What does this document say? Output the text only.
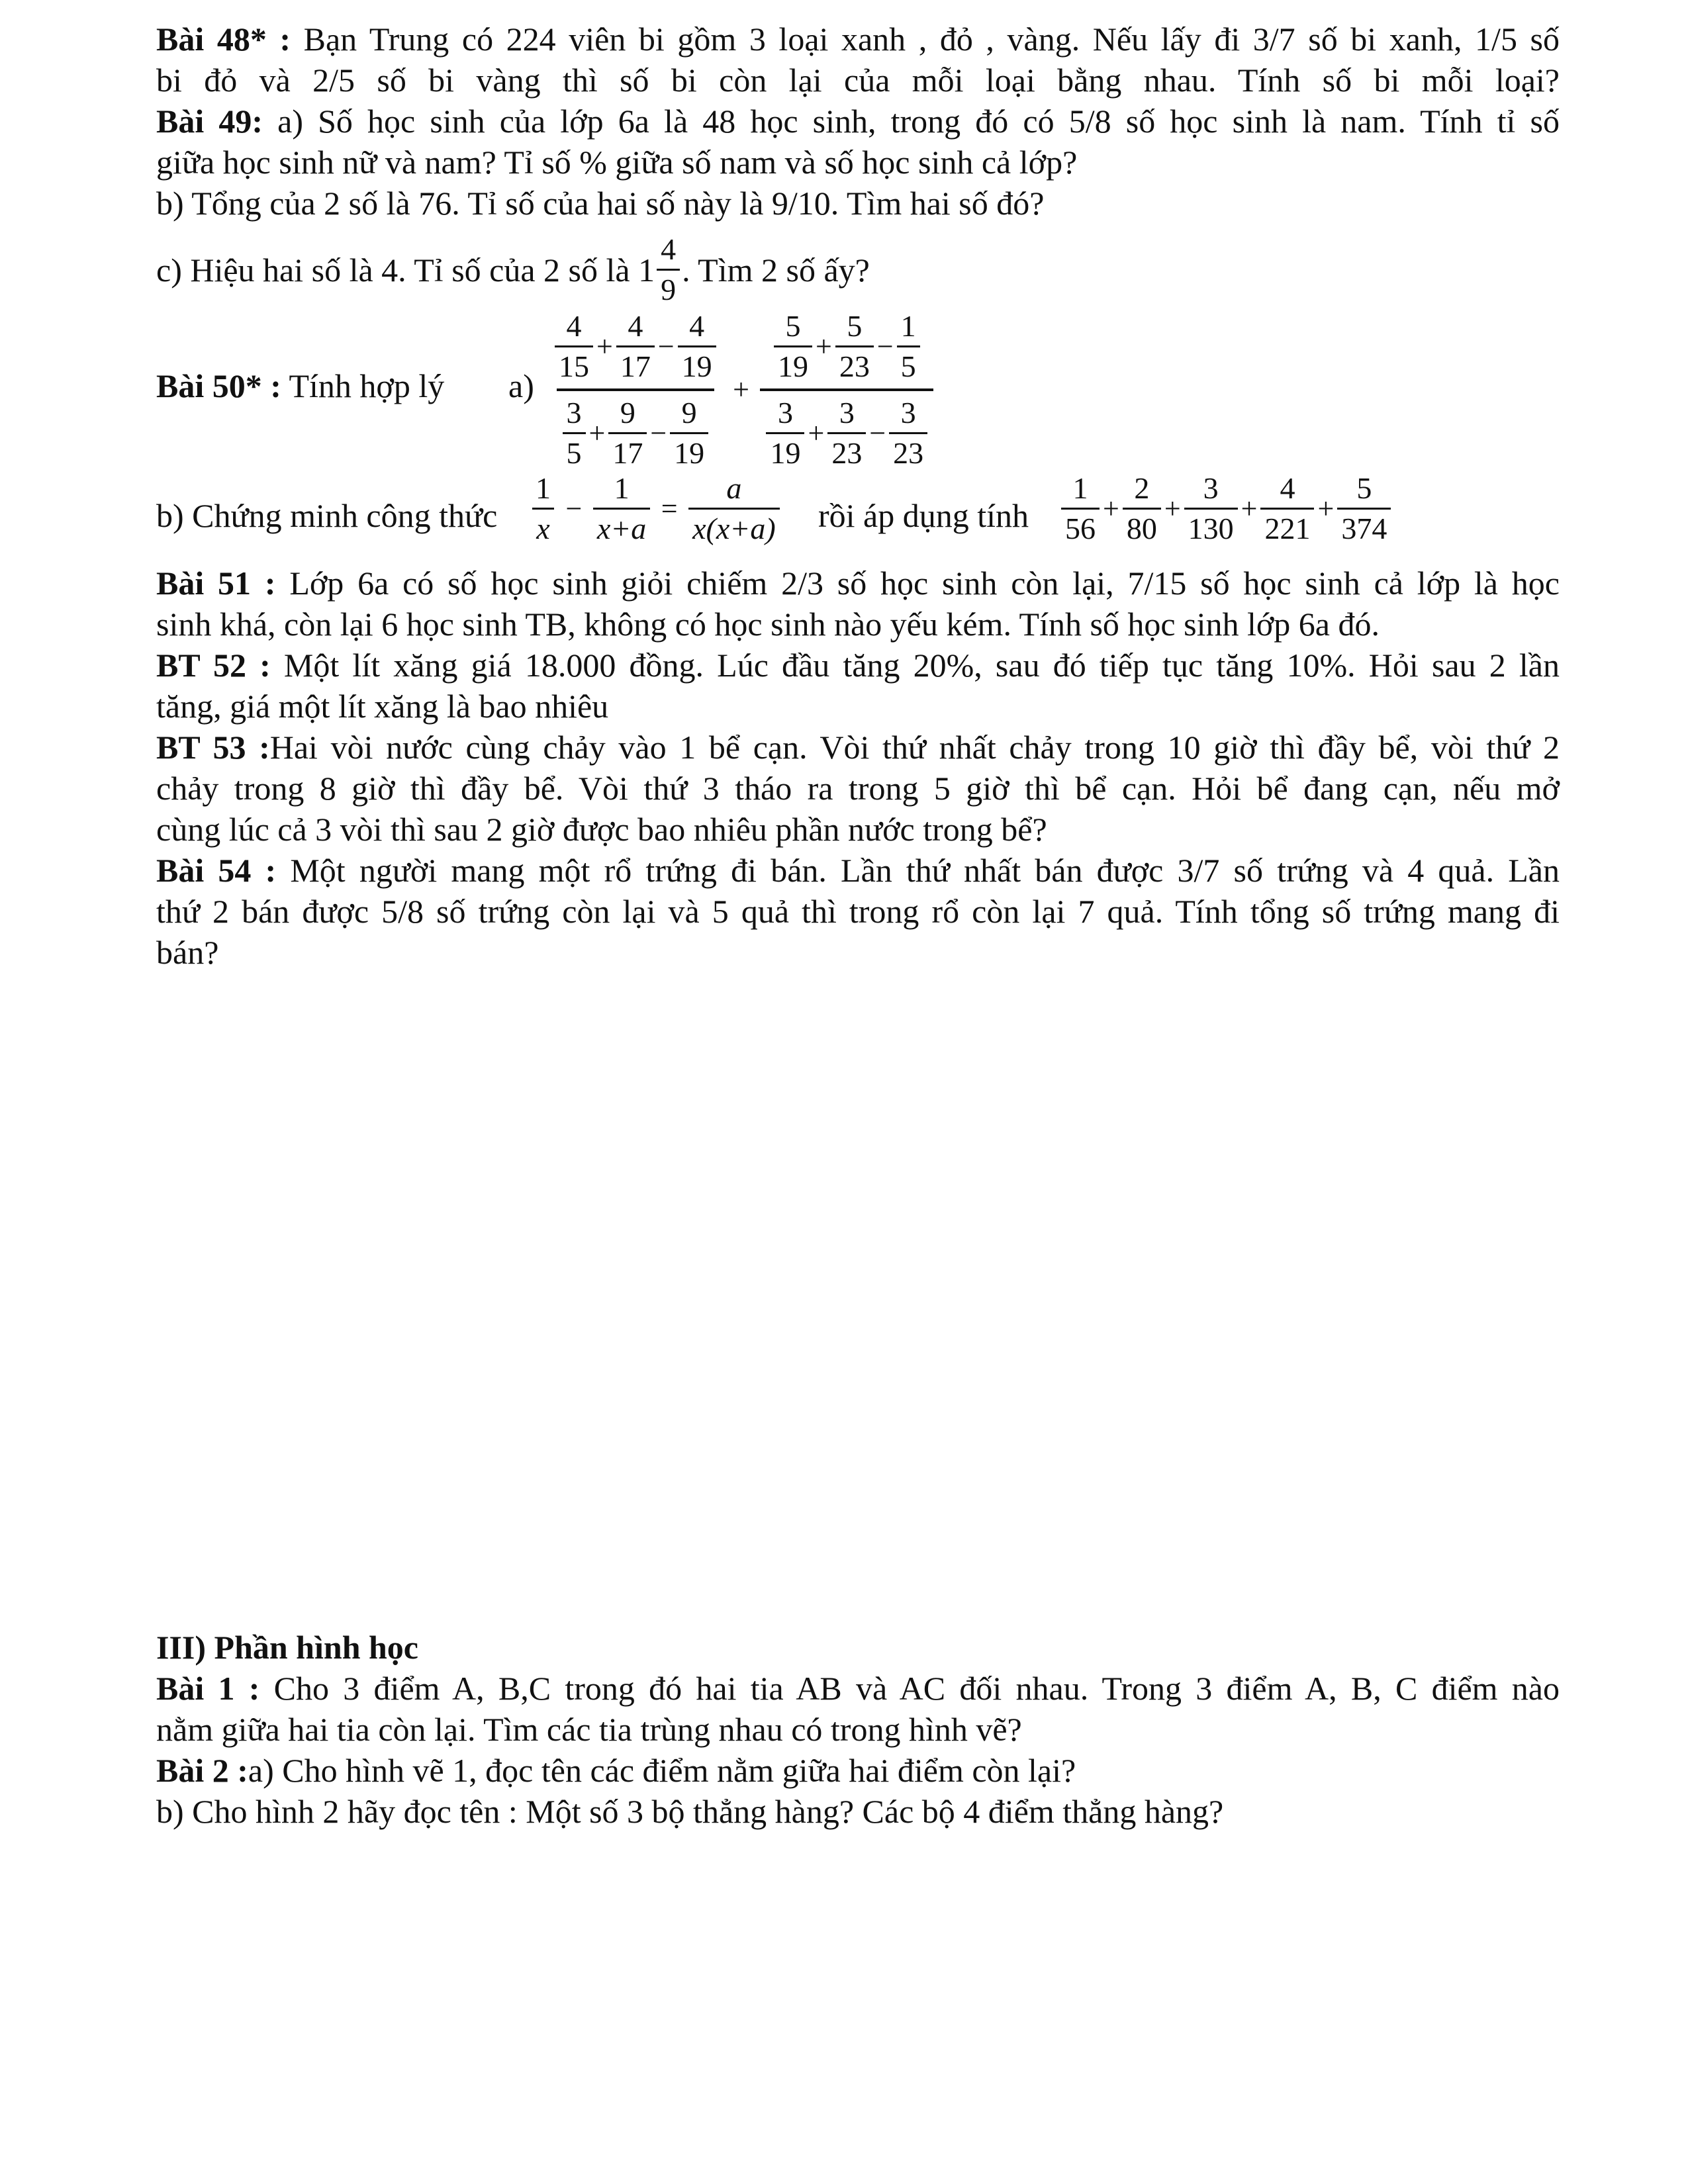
Bài 48* : Bạn Trung có 224 viên bi gồm 3 loại xanh , đỏ , vàng. Nếu lấy đi 3/7 số bi xanh, 1/5 số
bi đỏ và 2/5 số bi vàng thì số bi còn lại của mỗi loại bằng nhau. Tính số bi mỗi loại?
Bài 49: a) Số học sinh của lớp 6a là 48 học sinh, trong đó có 5/8 số học sinh là nam. Tính tỉ số
giữa học sinh nữ và nam? Tỉ số % giữa số nam và số học sinh cả lớp?
b) Tổng của 2 số là 76. Tỉ số của hai số này là 9/10. Tìm hai số đó?
c) Hiệu hai số là 4. Tỉ số của 2 số là $1 \frac{4}{9}$ . Tìm 2 số ấy?
Bài 50* : Tính hợp lý $a) \frac{\frac{4}{15} + \frac{4}{17} - \frac{4}{19}}{\frac{3}{5} + \frac{9}{17} - \frac{9}{19}} + \frac{\frac{5}{19} + \frac{5}{23} - \frac{1}{5}}{\frac{3}{19} + \frac{3}{23} - \frac{3}{23}}$
b) Chứng minh công thức $\frac{1}{x} - \frac{1}{x+a} = \frac{a}{x(x+a)}$ rồi áp dụng tính $\frac{1}{56} + \frac{2}{80} + \frac{3}{130} + \frac{4}{221} + \frac{5}{374}$
Bài 51 : Lớp 6a có số học sinh giỏi chiếm 2/3 số học sinh còn lại, 7/15 số học sinh cả lớp là học
sinh khá, còn lại 6 học sinh TB, không có học sinh nào yếu kém. Tính số học sinh lớp 6a đó.
BT 52 : Một lít xăng giá 18.000 đồng. Lúc đầu tăng 20%, sau đó tiếp tục tăng 10%. Hỏi sau 2 lần
tăng, giá một lít xăng là bao nhiêu
BT 53 :Hai vòi nước cùng chảy vào 1 bể cạn. Vòi thứ nhất chảy trong 10 giờ thì đầy bể, vòi thứ 2
chảy trong 8 giờ thì đầy bể. Vòi thứ 3 tháo ra trong 5 giờ thì bể cạn. Hỏi bể đang cạn, nếu mở
cùng lúc cả 3 vòi thì sau 2 giờ được bao nhiêu phần nước trong bể?
Bài 54 : Một người mang một rổ trứng đi bán. Lần thứ nhất bán được 3/7 số trứng và 4 quả. Lần
thứ 2 bán được 5/8 số trứng còn lại và 5 quả thì trong rổ còn lại 7 quả. Tính tổng số trứng mang đi
bán?
III) Phần hình học
Bài 1 : Cho 3 điểm A, B,C trong đó hai tia AB và AC đối nhau. Trong 3 điểm A, B, C điểm nào
nằm giữa hai tia còn lại. Tìm các tia trùng nhau có trong hình vẽ?
Bài 2 :a) Cho hình vẽ 1, đọc tên các điểm nằm giữa hai điểm còn lại?
b) Cho hình 2 hãy đọc tên : Một số 3 bộ thẳng hàng? Các bộ 4 điểm thẳng hàng?
